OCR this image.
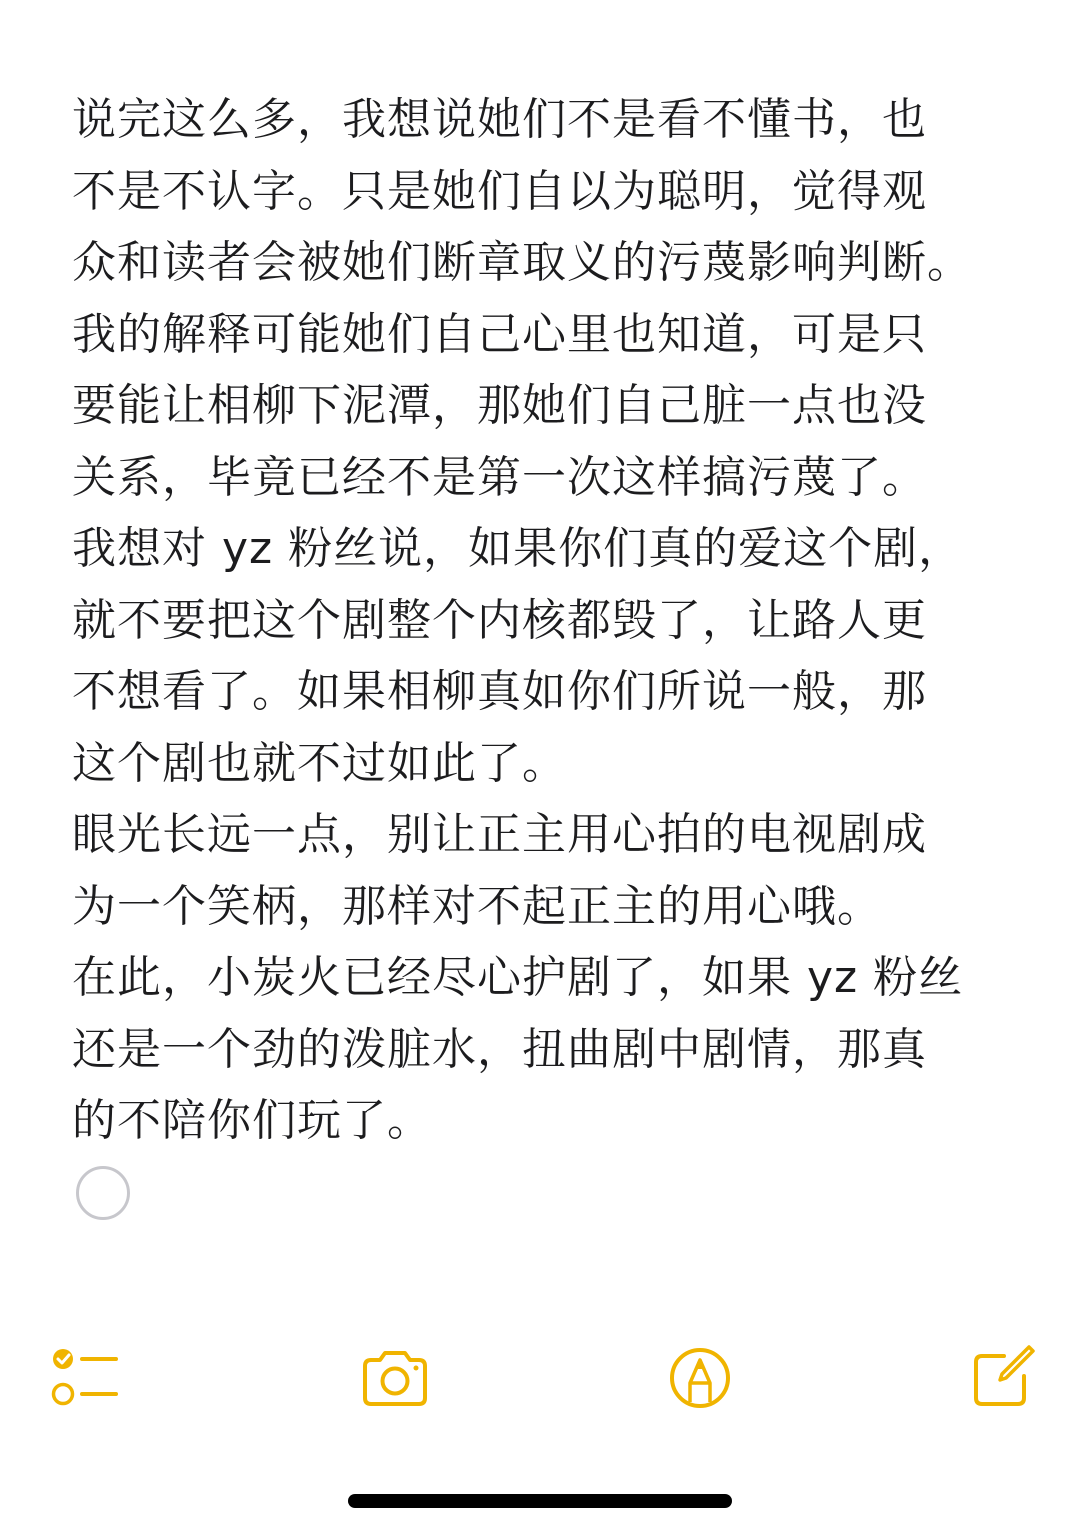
说完这么多，我想说她们不是看不懂书，也
不是不认字。只是她们自以为聪明，觉得观
众和读者会被她们断章取义的污蔑影响判断。
我的解释可能她们自己心里也知道，可是只
要能让相柳下泥潭，那她们自己脏一点也没
关系，毕竟已经不是第一次这样搞污蔑了。
我想对 yz 粉丝说，如果你们真的爱这个剧，
就不要把这个剧整个内核都毁了，让路人更
不想看了。如果相柳真如你们所说一般，那
这个剧也就不过如此了。
眼光长远一点，别让正主用心拍的电视剧成
为一个笑柄，那样对不起正主的用心哦。
在此，小炭火已经尽心护剧了，如果 yz 粉丝
还是一个劲的泼脏水，扭曲剧中剧情，那真
的不陪你们玩了。
